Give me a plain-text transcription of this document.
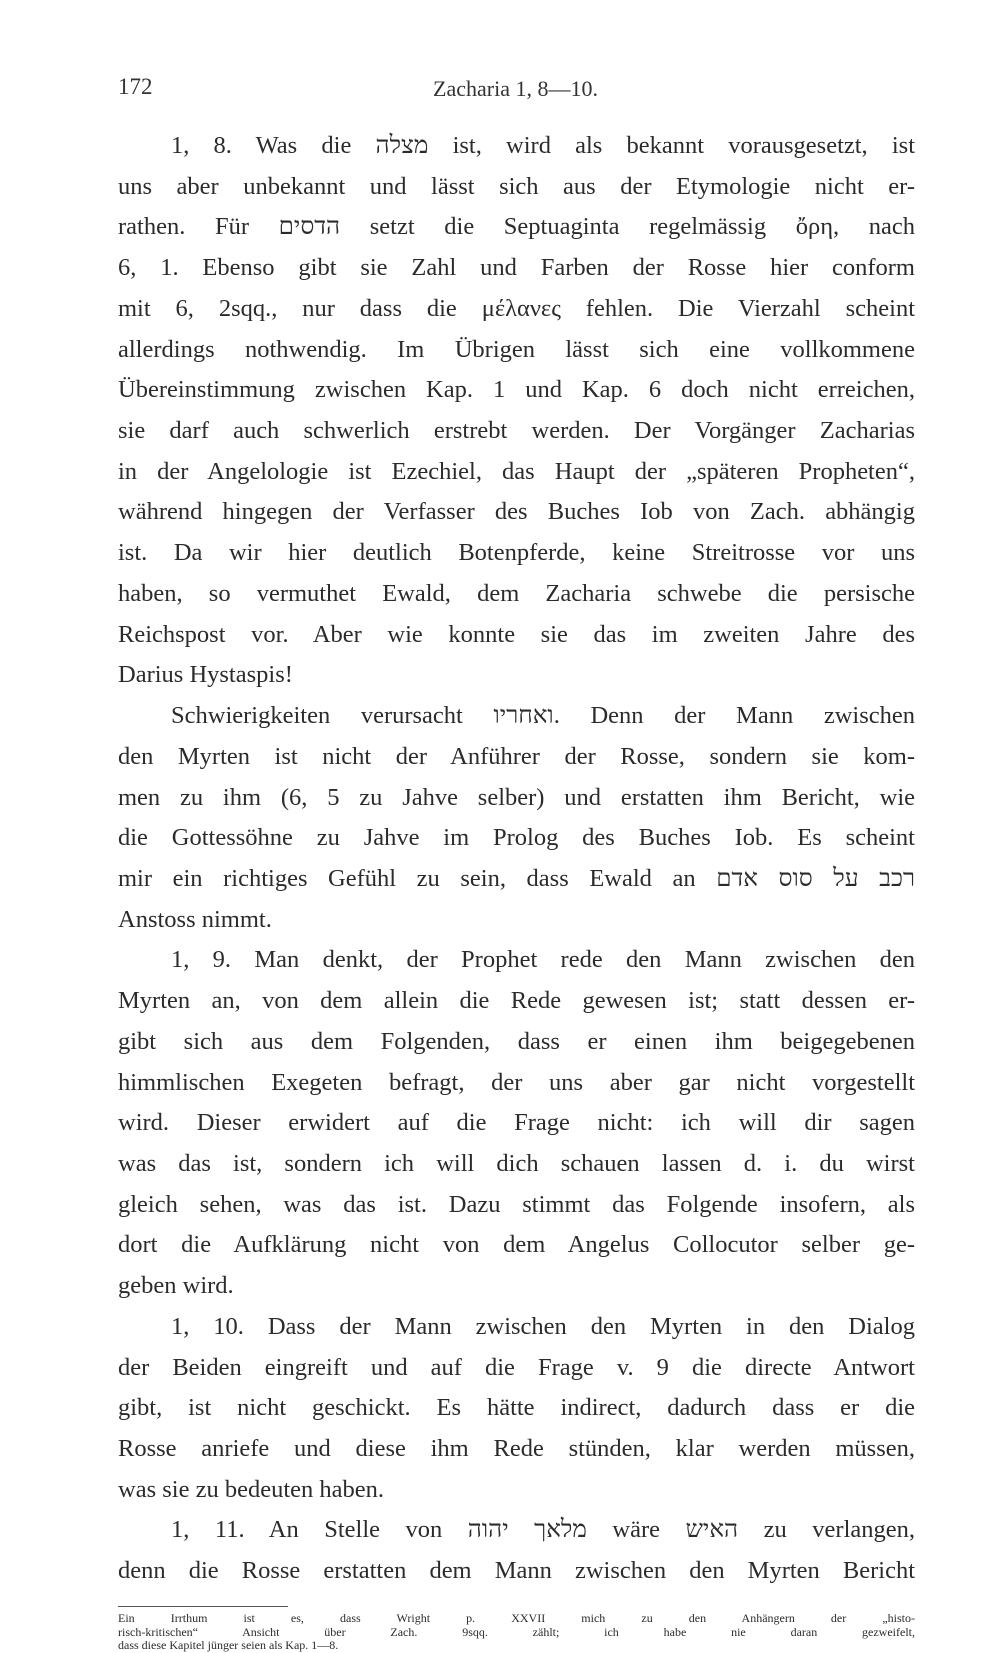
172	Zacharia 1, 8—10.
1, 8. Was die מצלה ist, wird als bekannt vorausgesetzt, ist
uns aber unbekannt und lässt sich aus der Etymologie nicht er-
rathen. Für הדסים setzt die Septuaginta regelmässig ὄρη, nach
6, 1. Ebenso gibt sie Zahl und Farben der Rosse hier conform
mit 6, 2sqq., nur dass die μέλανες fehlen. Die Vierzahl scheint
allerdings nothwendig. Im Übrigen lässt sich eine vollkommene
Übereinstimmung zwischen Kap. 1 und Kap. 6 doch nicht erreichen,
sie darf auch schwerlich erstrebt werden. Der Vorgänger Zacharias
in der Angelologie ist Ezechiel, das Haupt der „späteren Propheten“,
während hingegen der Verfasser des Buches Iob von Zach. abhängig
ist. Da wir hier deutlich Botenpferde, keine Streitrosse vor uns
haben, so vermuthet Ewald, dem Zacharia schwebe die persische
Reichspost vor. Aber wie konnte sie das im zweiten Jahre des
Darius Hystaspis!
Schwierigkeiten verursacht ואחריו. Denn der Mann zwischen
den Myrten ist nicht der Anführer der Rosse, sondern sie kom-
men zu ihm (6, 5 zu Jahve selber) und erstatten ihm Bericht, wie
die Gottessöhne zu Jahve im Prolog des Buches Iob. Es scheint
mir ein richtiges Gefühl zu sein, dass Ewald an רכב על סוס אדם
Anstoss nimmt.
1, 9. Man denkt, der Prophet rede den Mann zwischen den
Myrten an, von dem allein die Rede gewesen ist; statt dessen er-
gibt sich aus dem Folgenden, dass er einen ihm beigegebenen
himmlischen Exegeten befragt, der uns aber gar nicht vorgestellt
wird. Dieser erwidert auf die Frage nicht: ich will dir sagen
was das ist, sondern ich will dich schauen lassen d. i. du wirst
gleich sehen, was das ist. Dazu stimmt das Folgende insofern, als
dort die Aufklärung nicht von dem Angelus Collocutor selber ge-
geben wird.
1, 10. Dass der Mann zwischen den Myrten in den Dialog
der Beiden eingreift und auf die Frage v. 9 die directe Antwort
gibt, ist nicht geschickt. Es hätte indirect, dadurch dass er die
Rosse anriefe und diese ihm Rede stünden, klar werden müssen,
was sie zu bedeuten haben.
1, 11. An Stelle von מלאך יהוה wäre האיש zu verlangen,
denn die Rosse erstatten dem Mann zwischen den Myrten Bericht
Ein Irrthum ist es, dass Wright p. XXVII mich zu den Anhängern der „histo-
risch-kritischen“ Ansicht über Zach. 9sqq. zählt; ich habe nie daran gezweifelt,
dass diese Kapitel jünger seien als Kap. 1—8.
